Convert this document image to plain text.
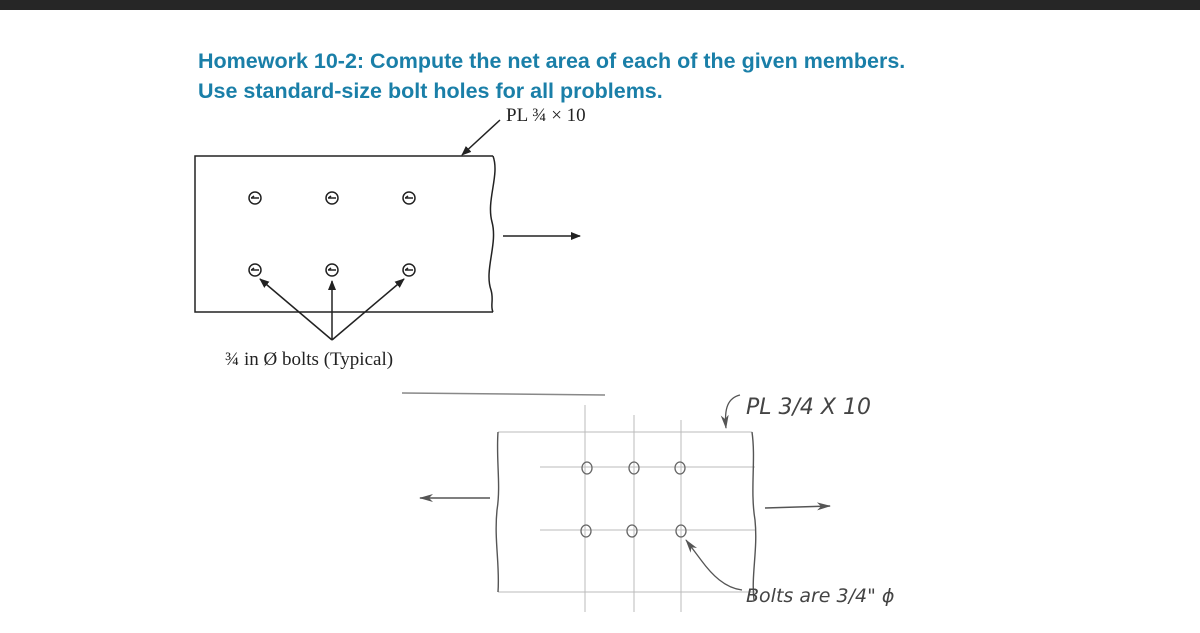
Homework 10-2: Compute the net area of each of the given members.
Use standard-size bolt holes for all problems.
PL ¾ × 10
¾ in Ø bolts (Typical)
PL 3/4 X 10
Bolts are 3/4" ϕ
